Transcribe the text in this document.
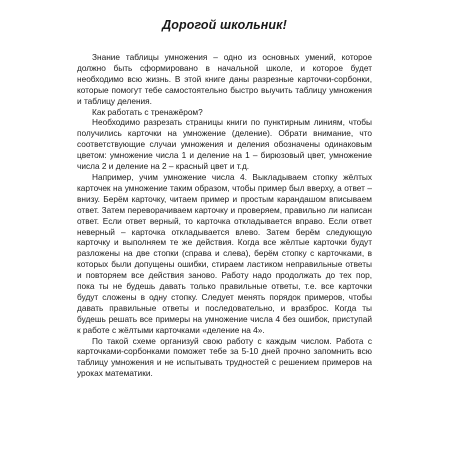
Дорогой школьник!

Знание таблицы умножения – одно из основных умений, которое должно быть сформировано в начальной школе, и которое будет необходимо всю жизнь. В этой книге даны разрезные карточки-сорбонки, которые помогут тебе самостоятельно быстро выучить таблицу умножения и таблицу деления.

Как работать с тренажёром?

Необходимо разрезать страницы книги по пунктирным линиям, чтобы получились карточки на умножение (деление). Обрати внимание, что соответствующие случаи умножения и деления обозначены одинаковым цветом: умножение числа 1 и деление на 1 – бирюзовый цвет, умножение числа 2 и деление на 2 – красный цвет и т.д.

Например, учим умножение числа 4. Выкладываем стопку жёлтых карточек на умножение таким образом, чтобы пример был вверху, а ответ – внизу. Берём карточку, читаем пример и простым карандашом вписываем ответ. Затем переворачиваем карточку и проверяем, правильно ли написан ответ. Если ответ верный, то карточка откладывается вправо. Если ответ неверный – карточка откладывается влево. Затем берём следующую карточку и выполняем те же действия. Когда все жёлтые карточки будут разложены на две стопки (справа и слева), берём стопку с карточками, в которых были допущены ошибки, стираем ластиком неправильные ответы и повторяем все действия заново. Работу надо продолжать до тех пор, пока ты не будешь давать только правильные ответы, т.е. все карточки будут сложены в одну стопку. Следует менять порядок примеров, чтобы давать правильные ответы и последовательно, и вразброс. Когда ты будешь решать все примеры на умножение числа 4 без ошибок, приступай к работе с жёлтыми карточками «деление на 4».

По такой схеме организуй свою работу с каждым числом. Работа с карточками-сорбонками поможет тебе за 5-10 дней прочно запомнить всю таблицу умножения и не испытывать трудностей с решением примеров на уроках математики.
